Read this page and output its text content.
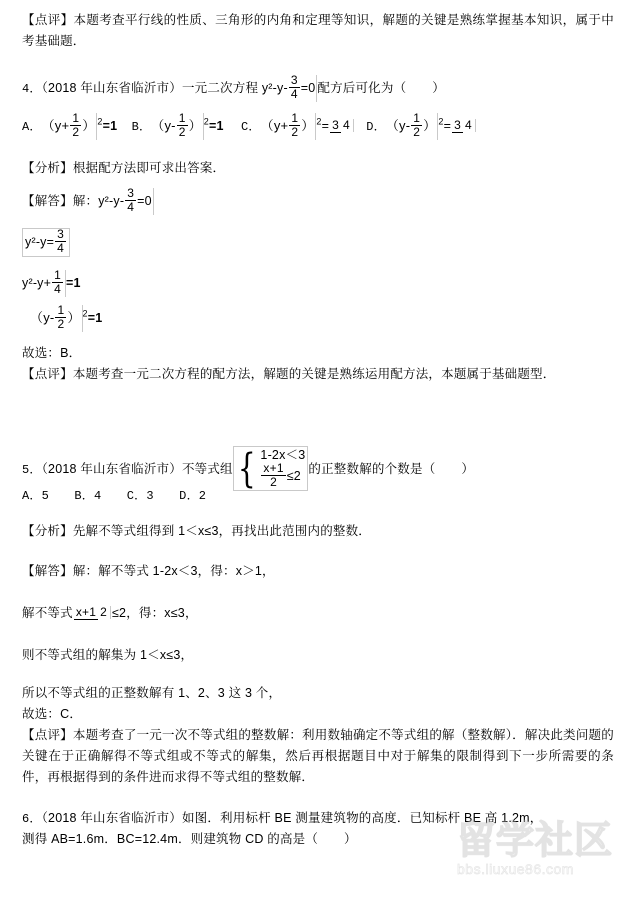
【点评】本题考查平行线的性质、三角形的内角和定理等知识，解题的关键是熟练掌握基本知识，属于中考基础题．
4．（2018 年山东省临沂市）一元二次方程 $y^2-y- \frac{3}{4} =0$ 配方后可化为（ ）
A．（$y+ \frac{1}{2}$ ） $^2$=1 B．（$y- \frac{1}{2}$ ） $^2$=1 C．（$y+ \frac{1}{2}$ ） $^2$= 3 4 D．（$y- \frac{1}{2}$ ） $^2$= 3 4
【分析】根据配方法即可求出答案．
【解答】解：$y^2-y- \frac{3}{4} =0$
$y^2-y= \frac{3}{4}$
$y^2-y+ \frac{1}{4} =1$
（$y- \frac{1}{2}$ ） $^2$=1
故选：B．
【点评】本题考查一元二次方程的配方法，解题的关键是熟练运用配方法，本题属于基础题型．
5．（2018 年山东省临沂市）不等式组 { 1-2x＜3
$\frac{x+1}{2} \le 2$ 的正整数解的个数是（ ）
A．5 B．4 C．3 D．2
【分析】先解不等式组得到 1＜x≤3，再找出此范围内的整数．
【解答】解：解不等式 1-2x＜3，得：x＞1，
解不等式 x+1 2 ≤2，得：x≤3，
则不等式组的解集为 1＜x≤3，
所以不等式组的正整数解有 1、2、3 这 3 个，
故选：C．
【点评】本题考查了一元一次不等式组的整数解：利用数轴确定不等式组的解（整数解）．解决此类问题的关键在于正确解得不等式组或不等式的解集，然后再根据题目中对于解集的限制得到下一步所需要的条件，再根据得到的条件进而求得不等式组的整数解．
6．（2018 年山东省临沂市）如图．利用标杆 BE 测量建筑物的高度．已知标杆 BE 高 1.2m，
测得 AB=1.6m．BC=12.4m．则建筑物 CD 的高是（ ）	留学社区
bbs.liuxue86.com
